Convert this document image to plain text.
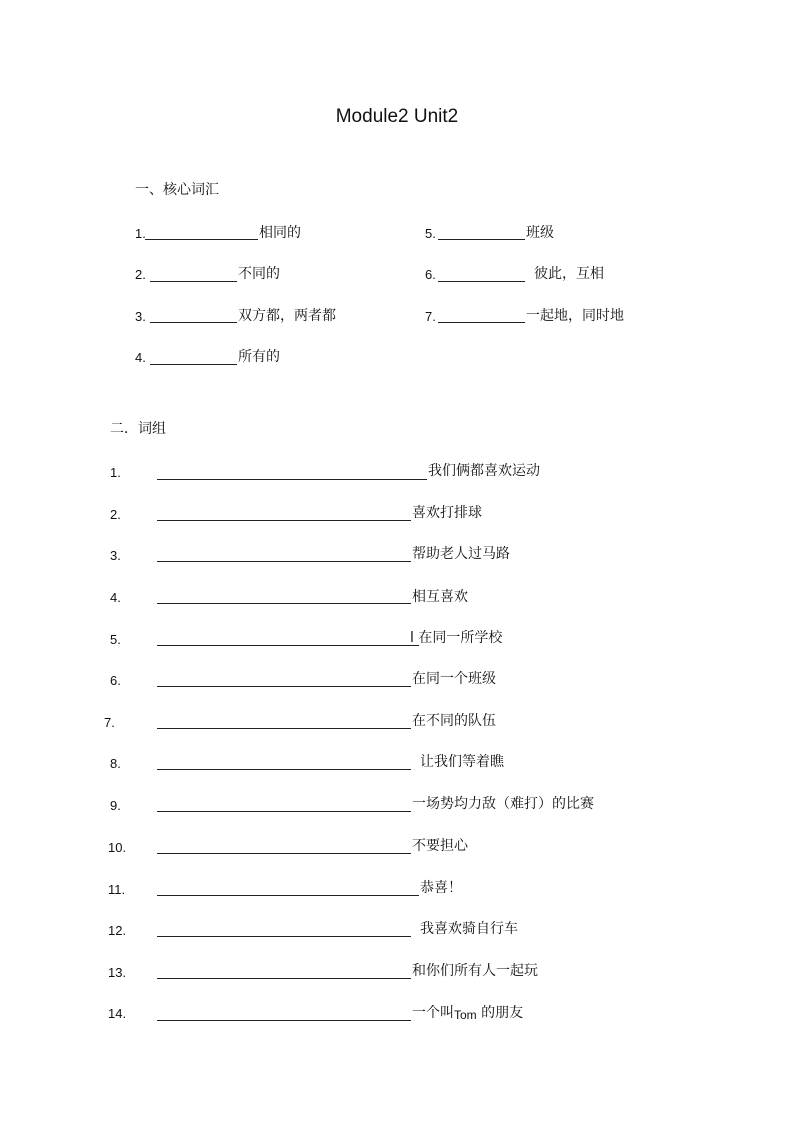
Module2 Unit2
一、核心词汇
1.	相同的
2.	不同的
3.	双方都，两者都
4.	所有的
5.	班级
6.	彼此，互相
7.	一起地，同时地
二．词组
1.	我们俩都喜欢运动
2.	喜欢打排球
3.	帮助老人过马路
4.	相互喜欢
5.	l 在同一所学校
6.	在同一个班级
7.	在不同的队伍
8.	让我们等着瞧
9.	一场势均力敌（难打）的比赛
10.	不要担心
11.	恭喜！
12.	我喜欢骑自行车
13.	和你们所有人一起玩
14.	一个叫Tom 的朋友
